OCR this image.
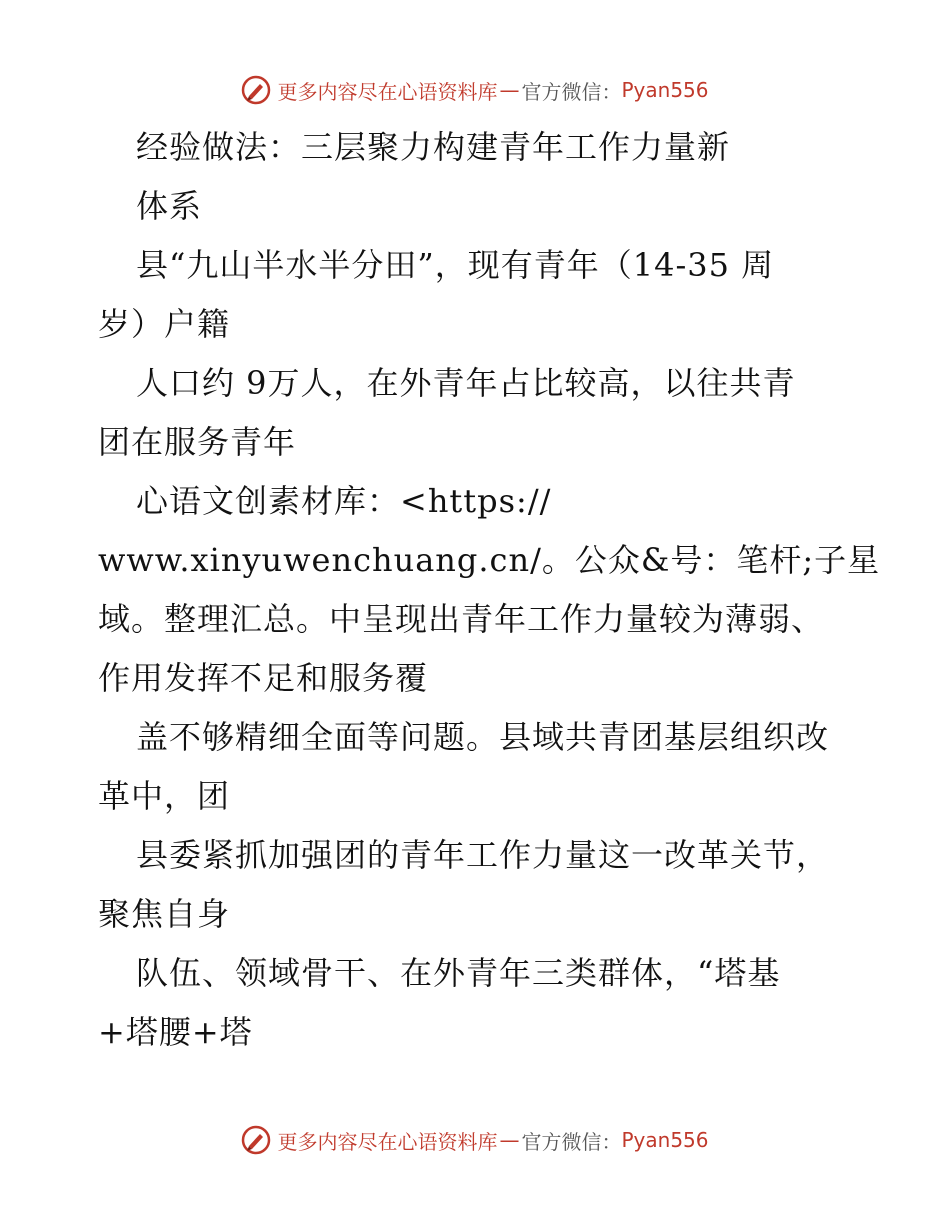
更多内容尽在心语资料库 — 官方微信： Pyan556
经验做法：三层聚力构建青年工作力量新
体系
县“九山半水半分田”，现有青年（14-35 周
岁）户籍
人口约 9万人，在外青年占比较高，以往共青
团在服务青年
心语文创素材库：<https://
www.xinyuwenchuang.cn/。公众&号：笔杆;子星
域。整理汇总。中呈现出青年工作力量较为薄弱、
作用发挥不足和服务覆
盖不够精细全面等问题。县域共青团基层组织改
革中，团
县委紧抓加强团的青年工作力量这一改革关节，
聚焦自身
队伍、领域骨干、在外青年三类群体，“塔基
+塔腰+塔
更多内容尽在心语资料库 — 官方微信： Pyan556
